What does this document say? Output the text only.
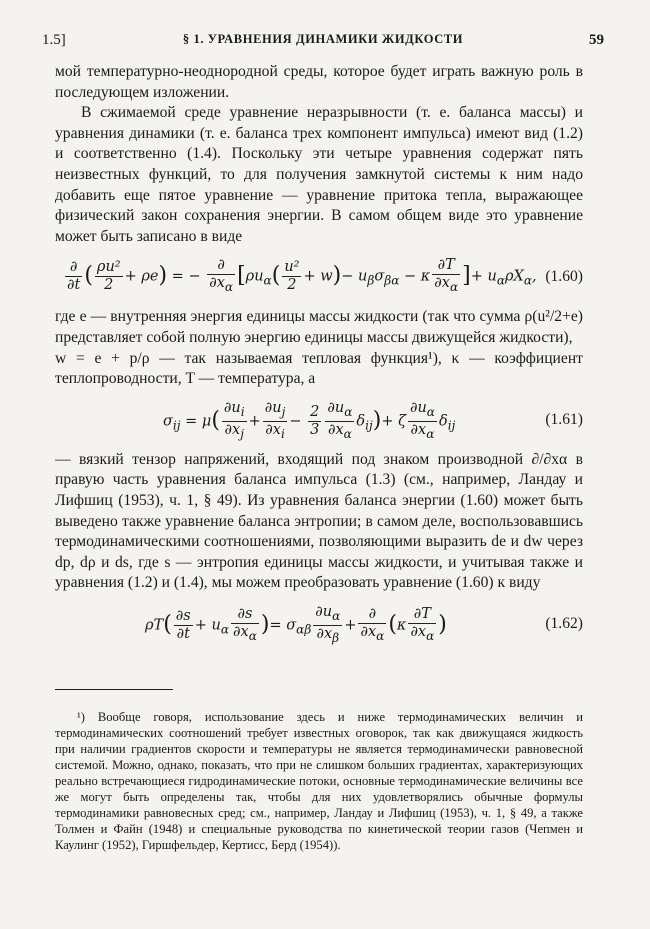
1.5]	§ 1. УРАВНЕНИЯ ДИНАМИКИ ЖИДКОСТИ	59

мой температурно-неоднородной среды, которое будет играть важную роль в последующем изложении.

В сжимаемой среде уравнение неразрывности (т. е. баланса массы) и уравнения динамики (т. е. баланса трех компонент импульса) имеют вид (1.2) и соответственно (1.4). Поскольку эти четыре уравнения содержат пять неизвестных функций, то для получения замкнутой системы к ним надо добавить еще пятое уравнение — уравнение притока тепла, выражающее физический закон сохранения энергии. В самом общем виде это уравнение может быть записано в виде

$\frac{\partial}{\partial t}$ ( $\frac{\text{ρu²}}{2} + \rho e$) = − $\frac{\partial}{\partial x_\alpha} [\rho u_\alpha( \frac{\text{u²}}{2} + w)- u_\beta\sigma_{\beta\alpha} - \kappa \frac{\partial T}{\partial x_\alpha}$ ]+ $u_\alpha\rho X_\alpha$, (1.60)

где e — внутренняя энергия единицы массы жидкости (так что сумма ρ(u²/2+e) представляет собой полную энергию единицы массы движущейся жидкости),

w = e + p/ρ — так называемая тепловая функция¹), κ — коэффициент теплопроводности, T — температура, а

$\sigma_{ij} = \mu( \frac{\partial u_i}{\partial x_j} + \frac{\partial u_j}{\partial x_i} - \frac{2}{3} \frac{\partial u_\alpha}{\partial x_\alpha} \delta_{ij})+ \zeta \frac{\partial u_\alpha}{\partial x_\alpha} \delta_{ij}$	(1.61)

— вязкий тензор напряжений, входящий под знаком производной ∂/∂xα в правую часть уравнения баланса импульса (1.3) (см., например, Ландау и Лифшиц (1953), ч. 1, § 49). Из уравнения баланса энергии (1.60) может быть выведено также уравнение баланса энтропии; в самом деле, воспользовавшись термодинамическими соотношениями, позволяющими выразить de и dw через dp, dρ и ds, где s — энтропия единицы массы жидкости, и учитывая также и уравнения (1.2) и (1.4), мы можем преобразовать уравнение (1.60) к виду

$\rho T( \frac{\partial s}{\partial t} + u_\alpha \frac{\partial s}{\partial x_\alpha}$ )= $\sigma_{\alpha\beta} \frac{\partial u_\alpha}{\partial x_\beta} + \frac{\partial}{\partial x_\alpha} (\kappa \frac{\partial T}{\partial x_\alpha}$ )	(1.62)

¹) Вообще говоря, использование здесь и ниже термодинамических величин и термодинамических соотношений требует известных оговорок, так как движущаяся жидкость при наличии градиентов скорости и температуры не является термодинамически равновесной системой. Можно, однако, показать, что при не слишком больших градиентах, характеризующих реально встречающиеся гидродинамические потоки, основные термодинамические величины все же могут быть определены так, чтобы для них удовлетворялись обычные формулы термодинамики равновесных сред; см., например, Ландау и Лифшиц (1953), ч. 1, § 49, а также Толмен и Файн (1948) и специальные руководства по кинетической теории газов (Чепмен и Каулинг (1952), Гиршфельдер, Кертисс, Берд (1954)).
